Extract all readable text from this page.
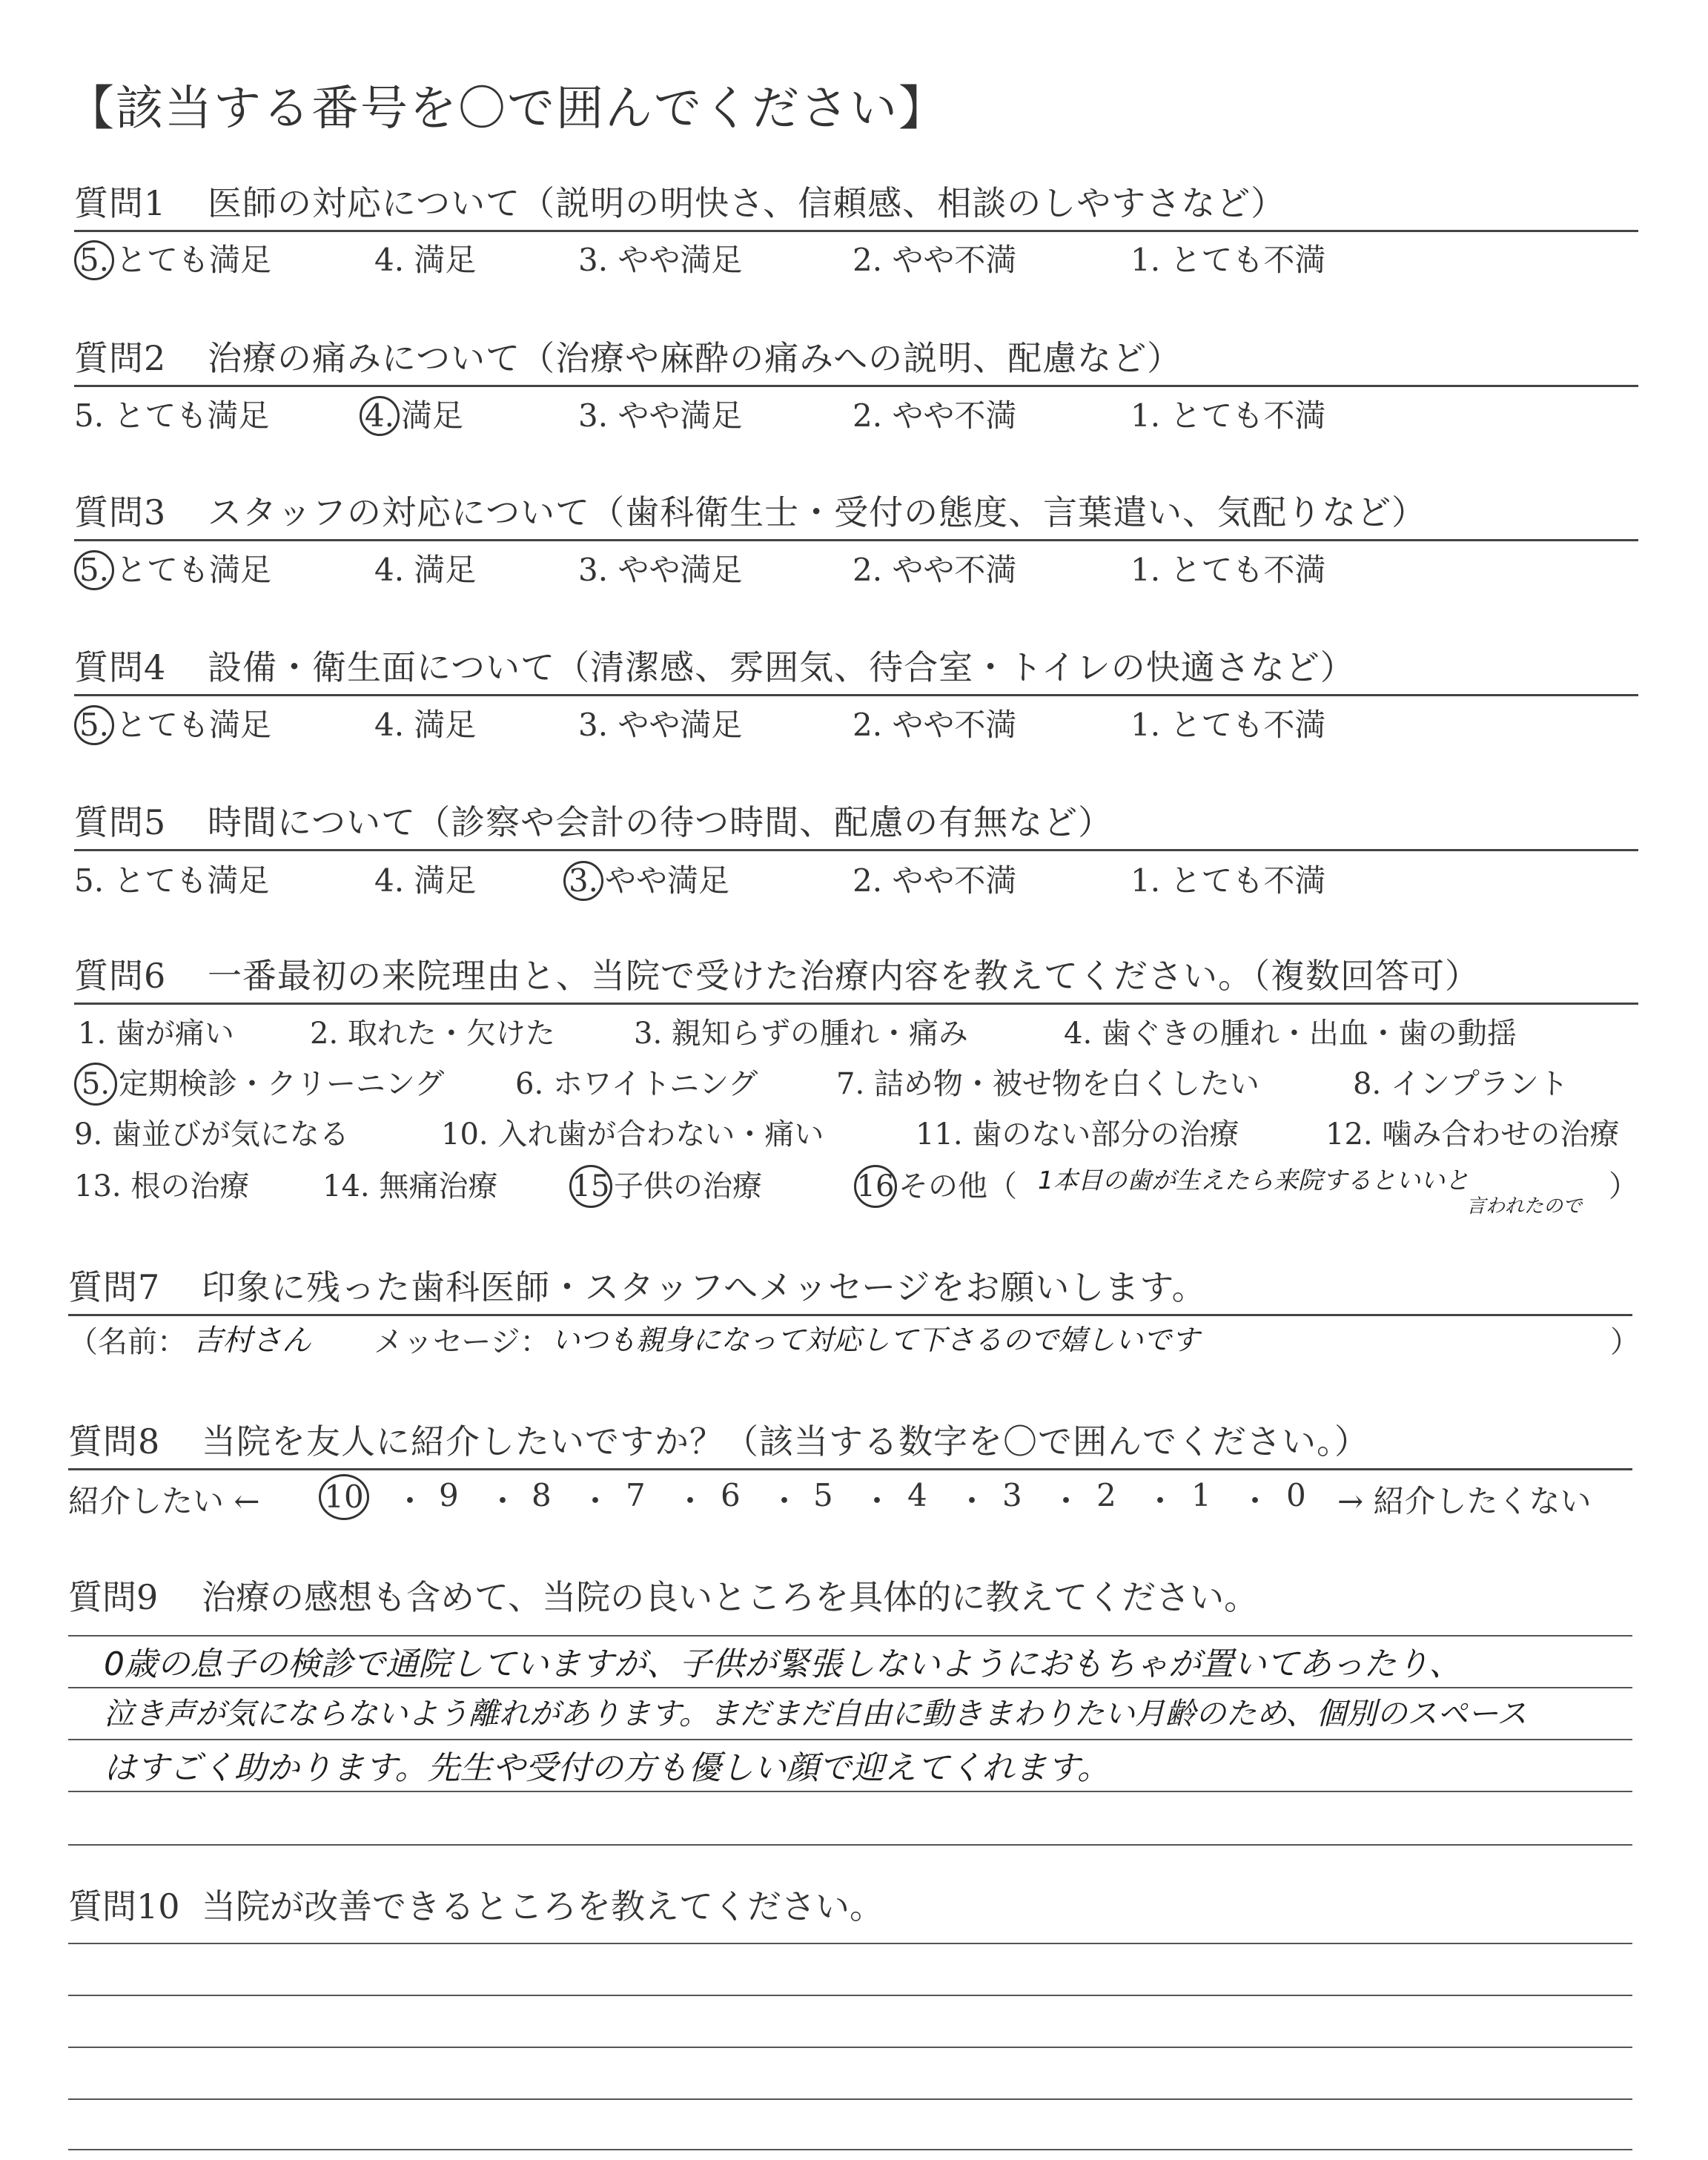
【該当する番号を〇で囲んでください】
質問1 医師の対応について（説明の明快さ、信頼感、相談のしやすさなど）
5. とても満足	4. 満足	3. やや満足	2. やや不満	1. とても不満
質問2 治療の痛みについて（治療や麻酔の痛みへの説明、配慮など）
5. とても満足	4. 満足	3. やや満足	2. やや不満	1. とても不満
質問3 スタッフの対応について（歯科衛生士・受付の態度、言葉遣い、気配りなど）
5. とても満足	4. 満足	3. やや満足	2. やや不満	1. とても不満
質問4 設備・衛生面について（清潔感、雰囲気、待合室・トイレの快適さなど）
5. とても満足	4. 満足	3. やや満足	2. やや不満	1. とても不満
質問5 時間について（診察や会計の待つ時間、配慮の有無など）
5. とても満足	4. 満足	3. やや満足	2. やや不満	1. とても不満
質問6 一番最初の来院理由と、当院で受けた治療内容を教えてください。（複数回答可）
1. 歯が痛い	2. 取れた・欠けた	3. 親知らずの腫れ・痛み	4. 歯ぐきの腫れ・出血・歯の動揺
5. 定期検診・クリーニング 6. ホワイトニング	7. 詰め物・被せ物を白くしたい	8. インプラント
9. 歯並びが気になる	10. 入れ歯が合わない・痛い	11. 歯のない部分の治療	12. 噛み合わせの治療
13. 根の治療 14. 無痛治療	15 子供の治療	16 その他（ 1本目の歯が生えたら来院するといいと	）
言われたので
質問7 印象に残った歯科医師・スタッフへメッセージをお願いします。
（名前： 吉村さん メッセージ： いつも親身になって対応して下さるので嬉しいです	）
質問8 当院を友人に紹介したいですか？（該当する数字を〇で囲んでください。）
紹介したい ← 10 ・ 9 ・ 8 ・ 7 ・ 6 ・ 5 ・ 4 ・ 3 ・ 2 ・ 1 ・ 0 → 紹介したくない
質問9 治療の感想も含めて、当院の良いところを具体的に教えてください。
0歳の息子の検診で通院していますが、子供が緊張しないようにおもちゃが置いてあったり、
泣き声が気にならないよう離れがあります。まだまだ自由に動きまわりたい月齢のため、個別のスペース
はすごく助かります。先生や受付の方も優しい顔で迎えてくれます。
質問10 当院が改善できるところを教えてください。
